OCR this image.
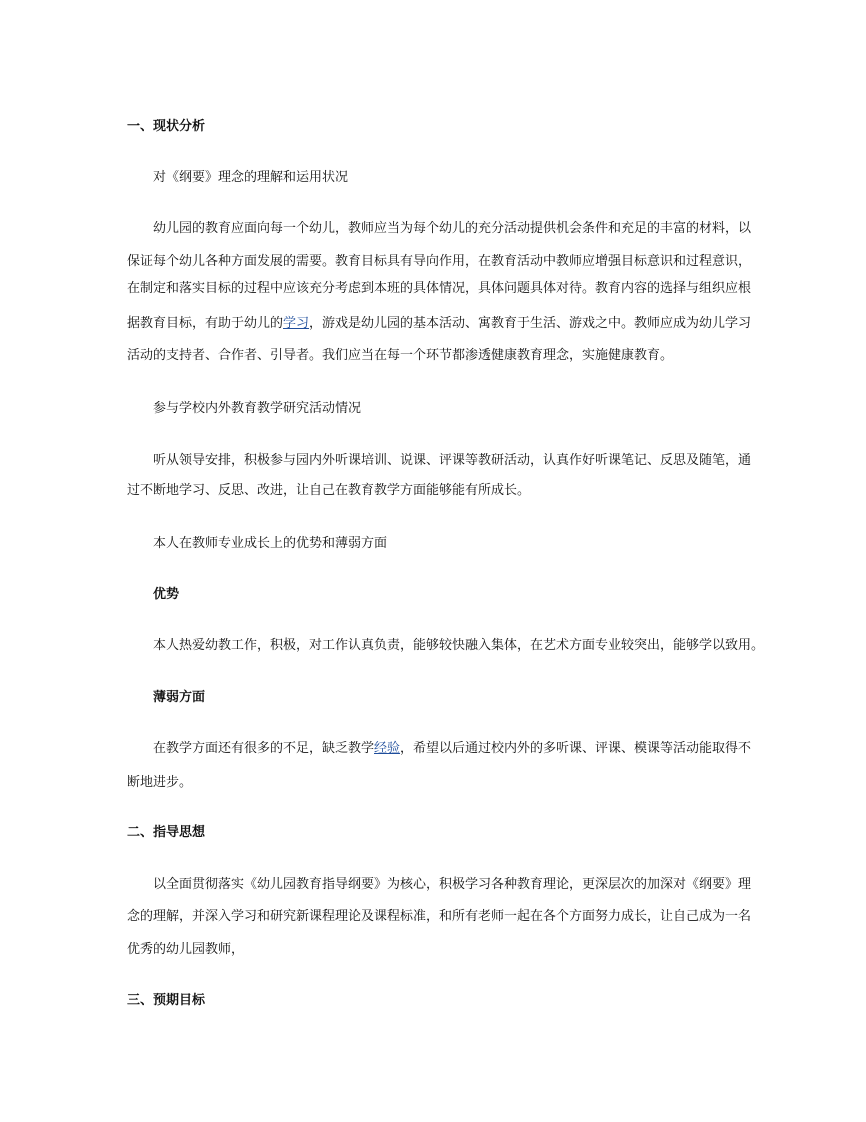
一、现状分析
对《纲要》理念的理解和运用状况
幼儿园的教育应面向每一个幼儿，教师应当为每个幼儿的充分活动提供机会条件和充足的丰富的材料，以
保证每个幼儿各种方面发展的需要。教育目标具有导向作用，在教育活动中教师应增强目标意识和过程意识，
在制定和落实目标的过程中应该充分考虑到本班的具体情况，具体问题具体对待。教育内容的选择与组织应根
据教育目标，有助于幼儿的学习，游戏是幼儿园的基本活动、寓教育于生活、游戏之中。教师应成为幼儿学习
活动的支持者、合作者、引导者。我们应当在每一个环节都渗透健康教育理念，实施健康教育。
参与学校内外教育教学研究活动情况
听从领导安排，积极参与园内外听课培训、说课、评课等教研活动，认真作好听课笔记、反思及随笔，通
过不断地学习、反思、改进，让自己在教育教学方面能够能有所成长。
本人在教师专业成长上的优势和薄弱方面
优势
本人热爱幼教工作，积极，对工作认真负责，能够较快融入集体，在艺术方面专业较突出，能够学以致用。
薄弱方面
在教学方面还有很多的不足，缺乏教学经验，希望以后通过校内外的多听课、评课、模课等活动能取得不
断地进步。
二、指导思想
以全面贯彻落实《幼儿园教育指导纲要》为核心，积极学习各种教育理论，更深层次的加深对《纲要》理
念的理解，并深入学习和研究新课程理论及课程标准，和所有老师一起在各个方面努力成长，让自己成为一名
优秀的幼儿园教师，
三、预期目标
